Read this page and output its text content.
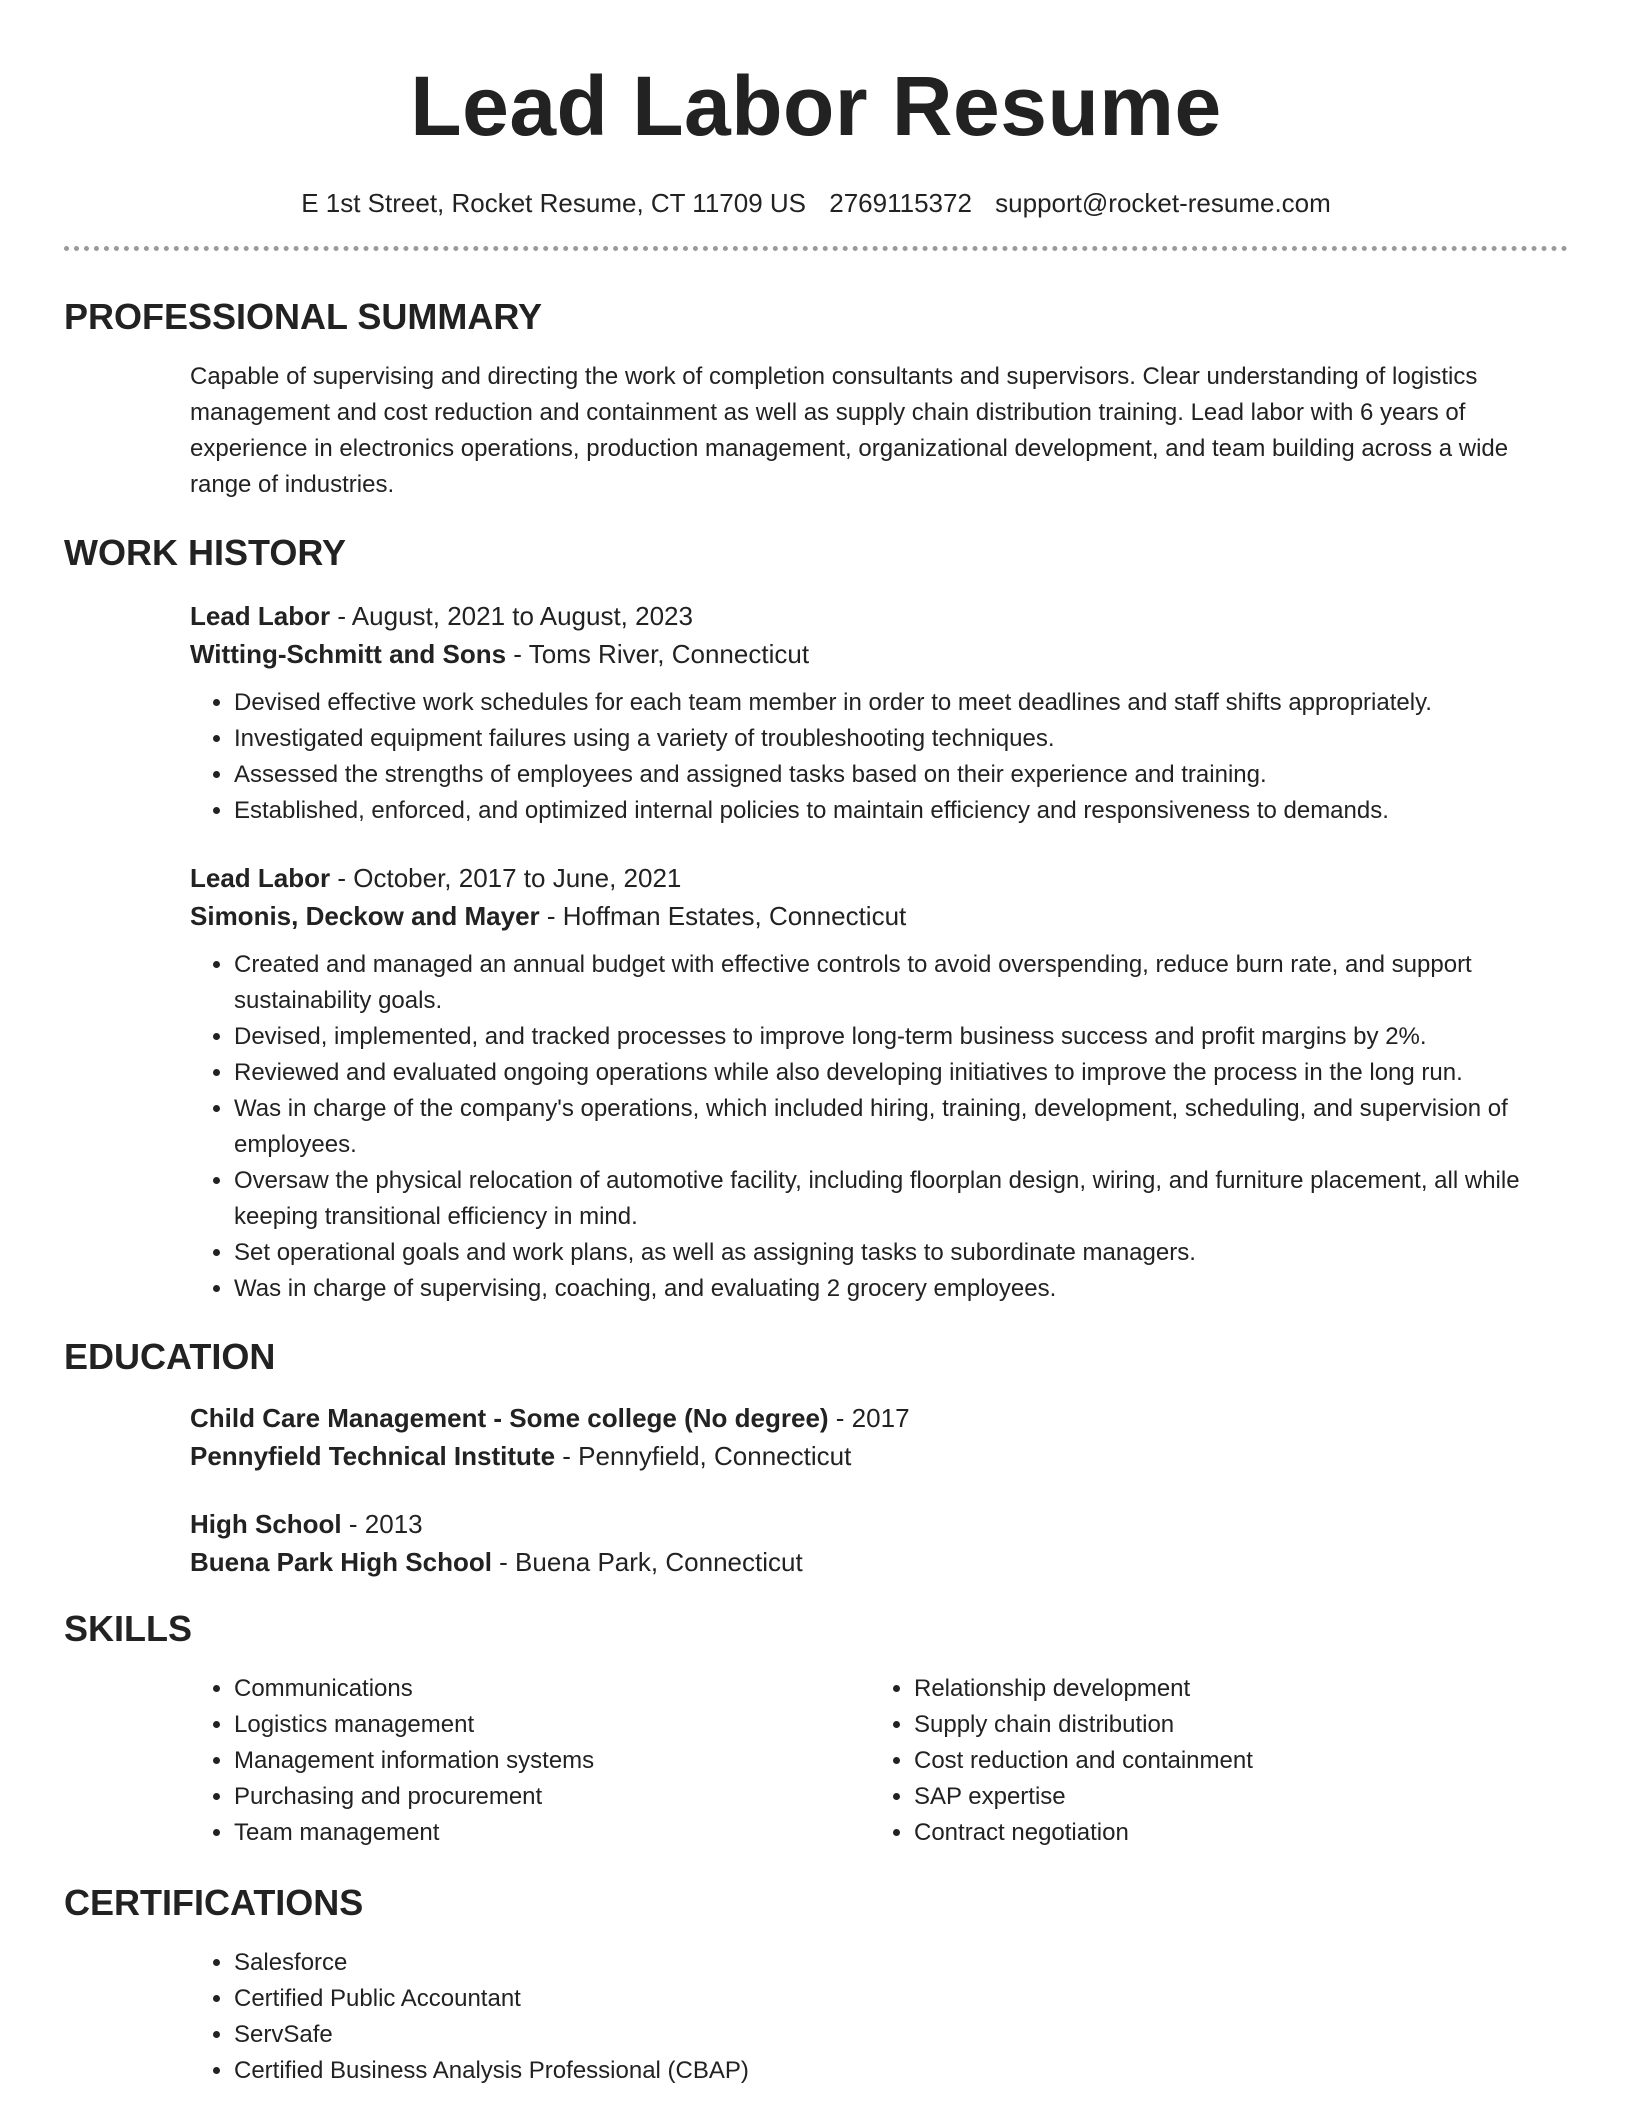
Lead Labor Resume
E 1st Street, Rocket Resume, CT 11709 US 2769115372 support@rocket-resume.com
PROFESSIONAL SUMMARY
Capable of supervising and directing the work of completion consultants and supervisors. Clear understanding of logistics management and cost reduction and containment as well as supply chain distribution training. Lead labor with 6 years of experience in electronics operations, production management, organizational development, and team building across a wide range of industries.
WORK HISTORY
Lead Labor - August, 2021 to August, 2023
Witting-Schmitt and Sons - Toms River, Connecticut
• Devised effective work schedules for each team member in order to meet deadlines and staff shifts appropriately.
• Investigated equipment failures using a variety of troubleshooting techniques.
• Assessed the strengths of employees and assigned tasks based on their experience and training.
• Established, enforced, and optimized internal policies to maintain efficiency and responsiveness to demands.
Lead Labor - October, 2017 to June, 2021
Simonis, Deckow and Mayer - Hoffman Estates, Connecticut
• Created and managed an annual budget with effective controls to avoid overspending, reduce burn rate, and support sustainability goals.
• Devised, implemented, and tracked processes to improve long-term business success and profit margins by 2%.
• Reviewed and evaluated ongoing operations while also developing initiatives to improve the process in the long run.
• Was in charge of the company's operations, which included hiring, training, development, scheduling, and supervision of employees.
• Oversaw the physical relocation of automotive facility, including floorplan design, wiring, and furniture placement, all while keeping transitional efficiency in mind.
• Set operational goals and work plans, as well as assigning tasks to subordinate managers.
• Was in charge of supervising, coaching, and evaluating 2 grocery employees.
EDUCATION
Child Care Management - Some college (No degree) - 2017
Pennyfield Technical Institute - Pennyfield, Connecticut
High School - 2013
Buena Park High School - Buena Park, Connecticut
SKILLS
• Communications
• Logistics management
• Management information systems
• Purchasing and procurement
• Team management
• Relationship development
• Supply chain distribution
• Cost reduction and containment
• SAP expertise
• Contract negotiation
CERTIFICATIONS
• Salesforce
• Certified Public Accountant
• ServSafe
• Certified Business Analysis Professional (CBAP)
